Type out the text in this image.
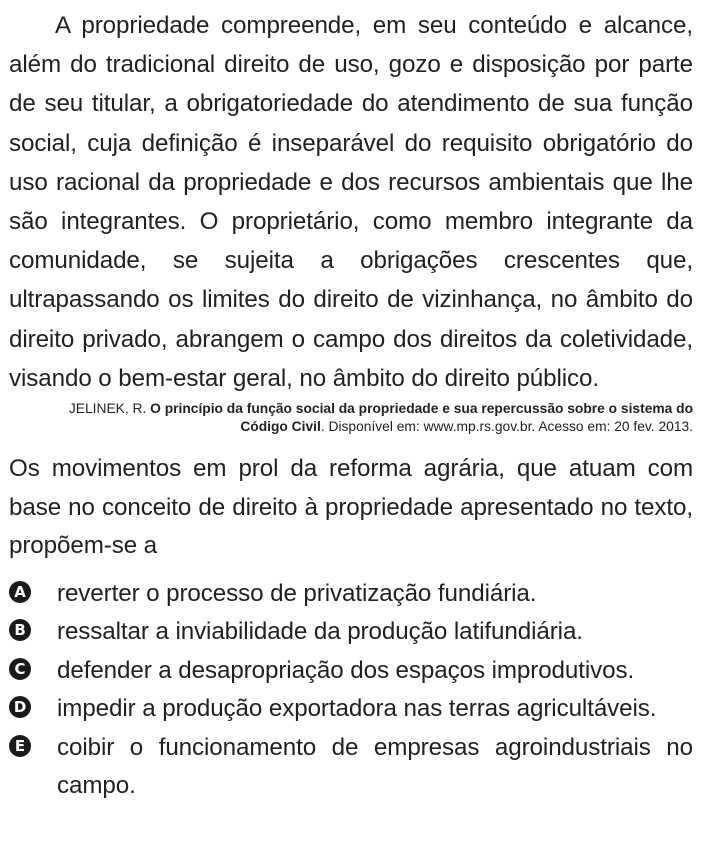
A propriedade compreende, em seu conteúdo e alcance, além do tradicional direito de uso, gozo e disposição por parte de seu titular, a obrigatoriedade do atendimento de sua função social, cuja definição é inseparável do requisito obrigatório do uso racional da propriedade e dos recursos ambientais que lhe são integrantes. O proprietário, como membro integrante da comunidade, se sujeita a obrigações crescentes que, ultrapassando os limites do direito de vizinhança, no âmbito do direito privado, abrangem o campo dos direitos da coletividade, visando o bem-estar geral, no âmbito do direito público.

JELINEK, R. O princípio da função social da propriedade e sua repercussão sobre o sistema do Código Civil. Disponível em: www.mp.rs.gov.br. Acesso em: 20 fev. 2013.

Os movimentos em prol da reforma agrária, que atuam com base no conceito de direito à propriedade apresentado no texto, propõem-se a

A reverter o processo de privatização fundiária.
B ressaltar a inviabilidade da produção latifundiária.
C defender a desapropriação dos espaços improdutivos.
D impedir a produção exportadora nas terras agricultáveis.
E coibir o funcionamento de empresas agroindustriais no campo.
